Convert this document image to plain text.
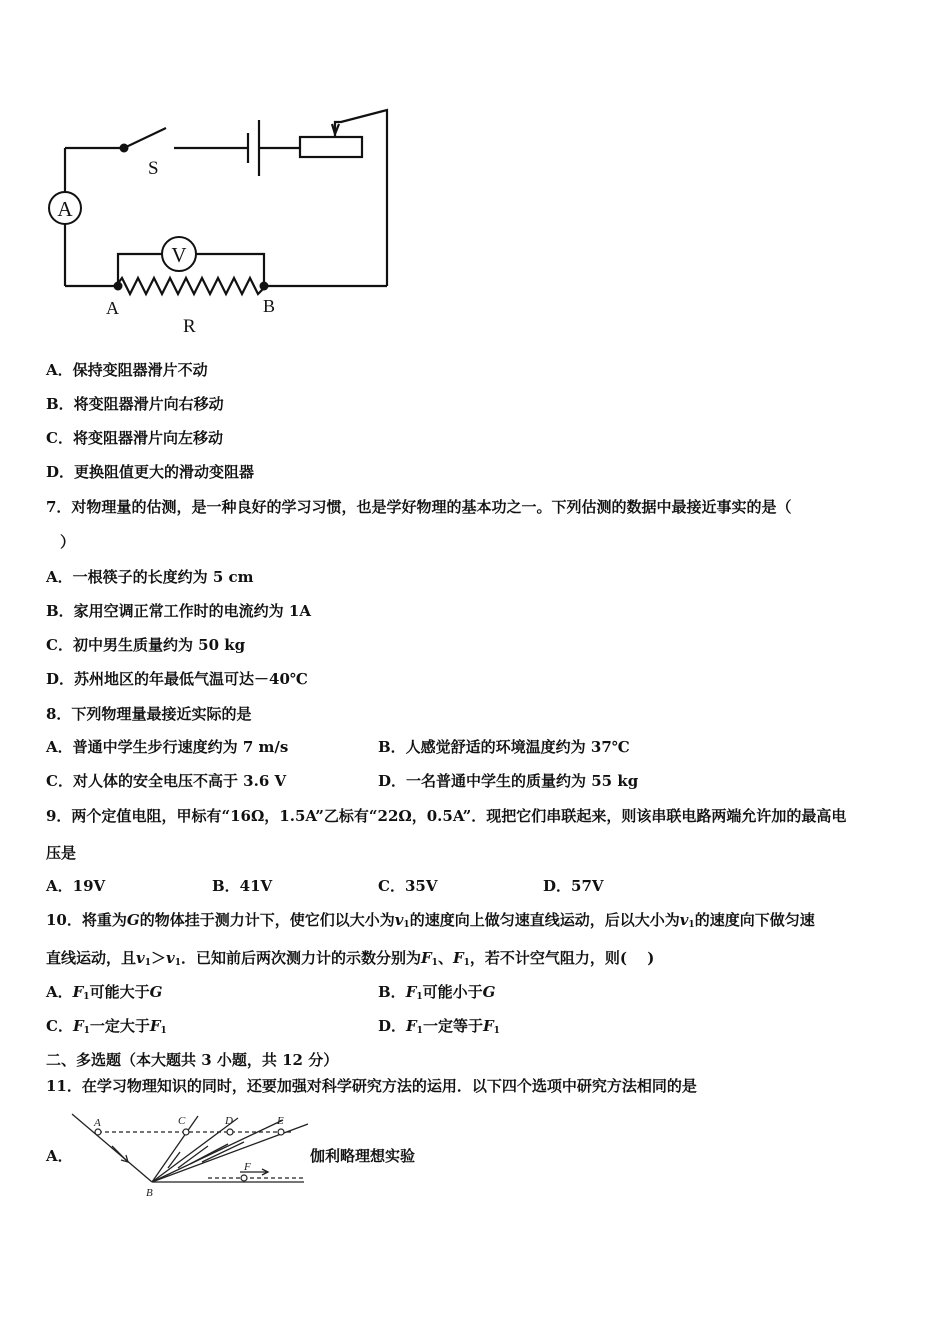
A
V
S
A	B
R
A．保持变阻器滑片不动
B．将变阻器滑片向右移动
C．将变阻器滑片向左移动
D．更换阻值更大的滑动变阻器
7．对物理量的估测，是一种良好的学习习惯，也是学好物理的基本功之一。下列估测的数据中最接近事实的是（
）
A．一根筷子的长度约为 5 cm
B．家用空调正常工作时的电流约为 1A
C．初中男生质量约为 50 kg
D．苏州地区的年最低气温可达－40℃
8．下列物理量最接近实际的是
A．普通中学生步行速度约为 7 m/s	B．人感觉舒适的环境温度约为 37℃
C．对人体的安全电压不高于 3.6 V	D．一名普通中学生的质量约为 55 kg
9．两个定值电阻，甲标有“16Ω，1.5A”乙标有“22Ω，0.5A”．现把它们串联起来，则该串联电路两端允许加的最高电
压是
A．19V	B．41V	C．35V	D．57V
10．将重为G的物体挂于测力计下，使它们以大小为$v_1$的速度向上做匀速直线运动，后以大小为$v_1$的速度向下做匀速
直线运动，且$v_1>v_1$．已知前后两次测力计的示数分别为$F_1$、$F_1$，若不计空气阻力，则(　 )
A．$F_1$可能大于G	B．$F_1$可能小于G
C．$F_1$一定大于$F_1$	D．$F_1$一定等于$F_1$
二、多选题（本大题共 3 小题，共 12 分）
11．在学习物理知识的同时，还要加强对科学研究方法的运用．以下四个选项中研究方法相同的是
A．
A	C	D	E
F
B
伽利略理想实验
